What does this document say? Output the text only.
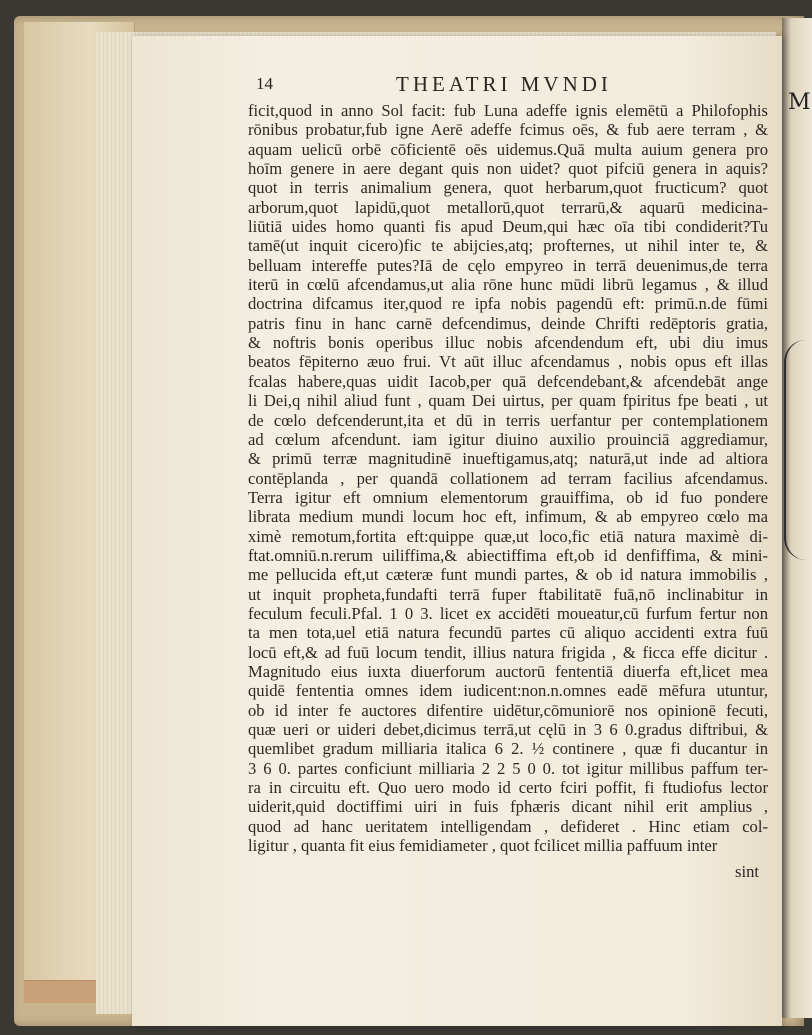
M
14	THEATRI MVNDI
ficit,quod in anno Sol facit: fub Luna adeffe ignis elemētū a Philofophis
rōnibus probatur,fub igne Aerē adeffe fcimus oēs, & fub aere terram , &
aquam uelicū orbē cōficientē oēs uidemus.Quā multa auium genera pro
hoīm genere in aere degant quis non uidet? quot pifciū genera in aquis?
quot in terris animalium genera, quot herbarum,quot fructicum? quot
arborum,quot lapidū,quot metallorū,quot terrarū,& aquarū medicina-
liūtiā uides homo quanti fis apud Deum,qui hæc oīa tibi condiderit?Tu
tamē(ut inquit cicero)fic te abijcies,atq; profternes, ut nihil inter te, &
belluam intereffe putes?Iā de cęlo empyreo in terrā deuenimus,de terra
iterū in cœlū afcendamus,ut alia rōne hunc mūdi librū legamus , & illud
doctrina difcamus iter,quod re ipfa nobis pagendū eft: primū.n.de fūmi
patris finu in hanc carnē defcendimus, deinde Chrifti redēptoris gratia,
& noftris bonis operibus illuc nobis afcendendum eft, ubi diu imus
beatos fēpiterno æuo frui. Vt aūt illuc afcendamus , nobis opus eft illas
fcalas habere,quas uidit Iacob,per quā defcendebant,& afcendebāt ange
li Dei,q nihil aliud funt , quam Dei uirtus, per quam fpiritus fpe beati , ut
de cœlo defcenderunt,ita et dū in terris uerfantur per contemplationem
ad cœlum afcendunt. iam igitur diuino auxilio prouinciā aggrediamur,
& primū terræ magnitudinē inueftigamus,atq; naturā,ut inde ad altiora
contēplanda , per quandā collationem ad terram facilius afcendamus.
Terra igitur eft omnium elementorum grauiffima, ob id fuo pondere
librata medium mundi locum hoc eft, infimum, & ab empyreo cœlo ma
ximè remotum,fortita eft:quippe quæ,ut loco,fic etiā natura maximè di-
ftat.omniū.n.rerum uiliffima,& abiectiffima eft,ob id denfiffima, & mini-
me pellucida eft,ut cæteræ funt mundi partes, & ob id natura immobilis ,
ut inquit propheta,fundafti terrā fuper ftabilitatē fuā,nō inclinabitur in
feculum feculi.Pfal. 1 0 3. licet ex accidēti moueatur,cū furfum fertur non
ta men tota,uel etiā natura fecundū partes cū aliquo accidenti extra fuū
locū eft,& ad fuū locum tendit, illius natura frigida , & ficca effe dicitur .
Magnitudo eius iuxta diuerforum auctorū fententiā diuerfa eft,licet mea
quidē fententia omnes idem iudicent:non.n.omnes eadē mēfura utuntur,
ob id inter fe auctores difentire uidētur,cōmuniorē nos opinionē fecuti,
quæ ueri or uideri debet,dicimus terrā,ut cęlū in 3 6 0.gradus diftribui, &
quemlibet gradum milliaria italica 6 2. ½ continere , quæ fi ducantur in
3 6 0. partes conficiunt milliaria 2 2 5 0 0. tot igitur millibus paffum ter-
ra in circuitu eft. Quo uero modo id certo fciri poffit, fi ftudiofus lector
uiderit,quid doctiffimi uiri in fuis fphæris dicant nihil erit amplius ,
quod ad hanc ueritatem intelligendam , defideret . Hinc etiam col-
ligitur , quanta fit eius femidiameter , quot fcilicet millia paffuum inter
sint
